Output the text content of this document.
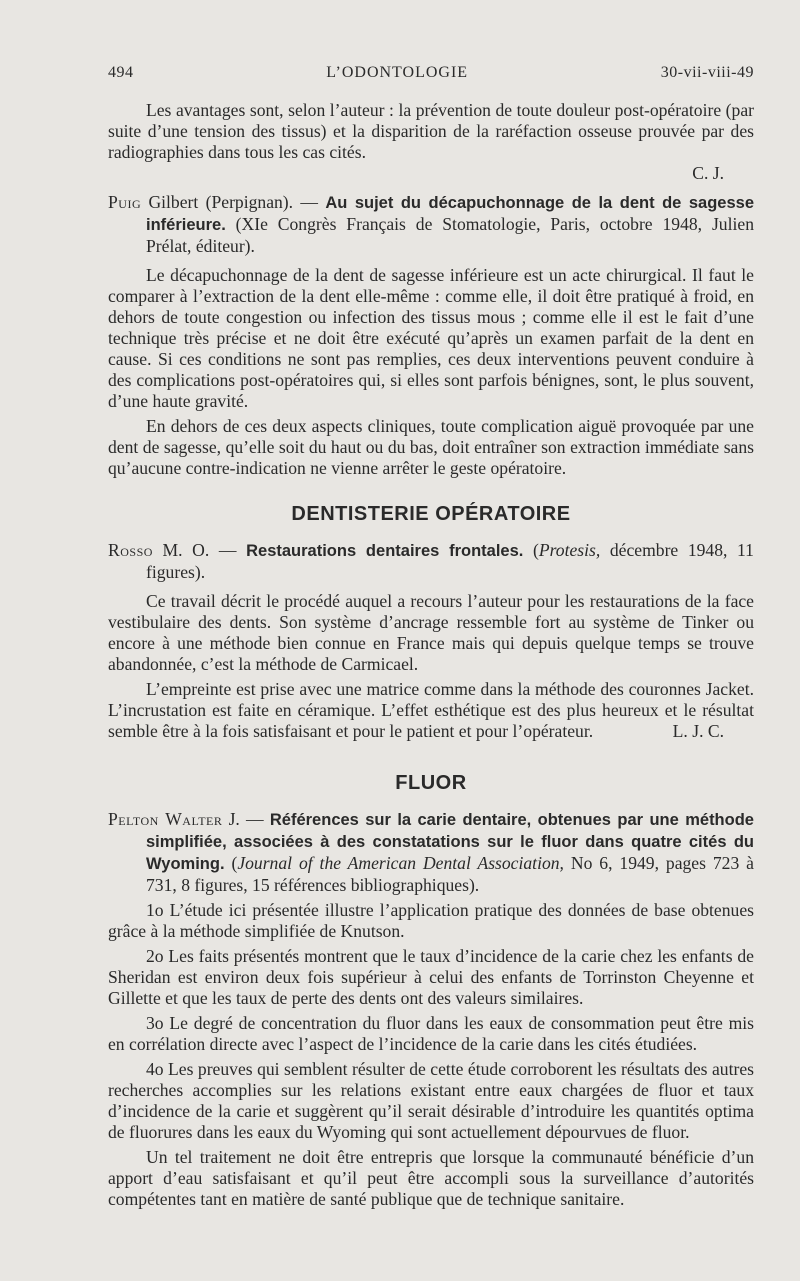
494	L’ODONTOLOGIE	30-vii-viii-49

Les avantages sont, selon l’auteur : la prévention de toute douleur post-opératoire (par suite d’une tension des tissus) et la disparition de la raréfaction osseuse prouvée par des radiographies dans tous les cas cités.

C. J.

Puig Gilbert (Perpignan). — Au sujet du décapuchonnage de la dent de sagesse inférieure. (XIe Congrès Français de Stomatologie, Paris, octobre 1948, Julien Prélat, éditeur).

Le décapuchonnage de la dent de sagesse inférieure est un acte chirurgical. Il faut le comparer à l’extraction de la dent elle-même : comme elle, il doit être pratiqué à froid, en dehors de toute congestion ou infection des tissus mous ; comme elle il est le fait d’une technique très précise et ne doit être exécuté qu’après un examen parfait de la dent en cause. Si ces conditions ne sont pas remplies, ces deux interventions peuvent conduire à des complications post-opératoires qui, si elles sont parfois bénignes, sont, le plus souvent, d’une haute gravité.

En dehors de ces deux aspects cliniques, toute complication aiguë provoquée par une dent de sagesse, qu’elle soit du haut ou du bas, doit entraîner son extraction immédiate sans qu’aucune contre-indication ne vienne arrêter le geste opératoire.

DENTISTERIE OPÉRATOIRE

Rosso M. O. — Restaurations dentaires frontales. (Protesis, décembre 1948, 11 figures).

Ce travail décrit le procédé auquel a recours l’auteur pour les restaurations de la face vestibulaire des dents. Son système d’ancrage ressemble fort au système de Tinker ou encore à une méthode bien connue en France mais qui depuis quelque temps se trouve abandonnée, c’est la méthode de Carmicael.

L’empreinte est prise avec une matrice comme dans la méthode des couronnes Jacket. L’incrustation est faite en céramique. L’effet esthétique est des plus heureux et le résultat semble être à la fois satisfaisant et pour le patient et pour l’opérateur.	L. J. C.

FLUOR

Pelton Walter J. — Références sur la carie dentaire, obtenues par une méthode simplifiée, associées à des constatations sur le fluor dans quatre cités du Wyoming. (Journal of the American Dental Association, No 6, 1949, pages 723 à 731, 8 figures, 15 références bibliographiques).

1o L’étude ici présentée illustre l’application pratique des données de base obtenues grâce à la méthode simplifiée de Knutson.

2o Les faits présentés montrent que le taux d’incidence de la carie chez les enfants de Sheridan est environ deux fois supérieur à celui des enfants de Torrinston Cheyenne et Gillette et que les taux de perte des dents ont des valeurs similaires.

3o Le degré de concentration du fluor dans les eaux de consommation peut être mis en corrélation directe avec l’aspect de l’incidence de la carie dans les cités étudiées.

4o Les preuves qui semblent résulter de cette étude corroborent les résultats des autres recherches accomplies sur les relations existant entre eaux chargées de fluor et taux d’incidence de la carie et suggèrent qu’il serait désirable d’introduire les quantités optima de fluorures dans les eaux du Wyoming qui sont actuellement dépourvues de fluor.

Un tel traitement ne doit être entrepris que lorsque la communauté bénéficie d’un apport d’eau satisfaisant et qu’il peut être accompli sous la surveillance d’autorités compétentes tant en matière de santé publique que de technique sanitaire.
